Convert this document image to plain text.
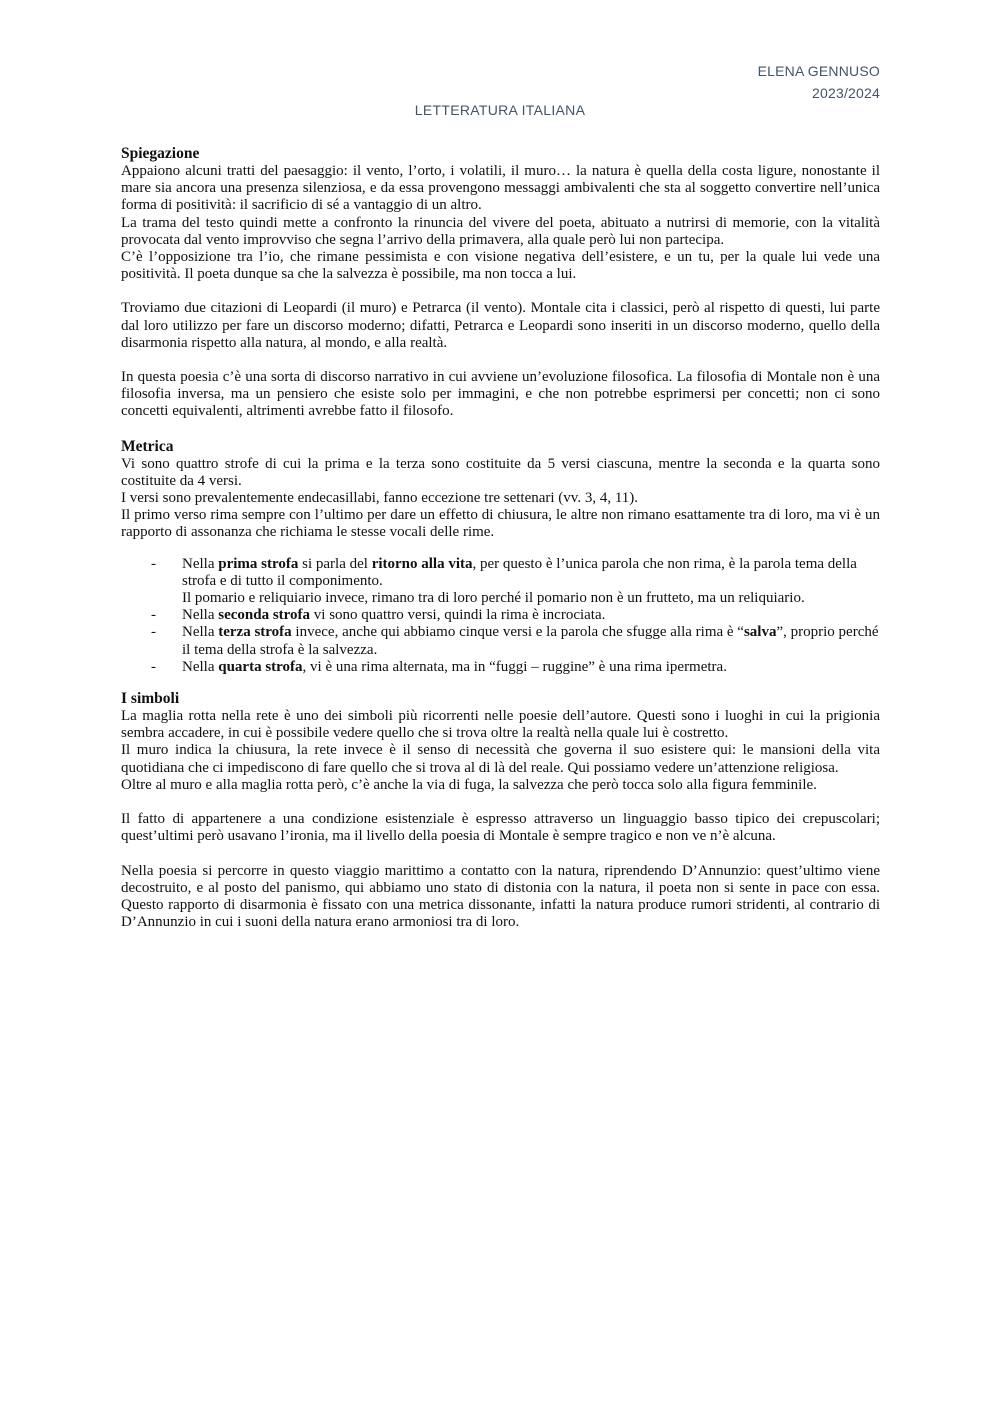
ELENA GENNUSO
2023/2024
LETTERATURA ITALIANA
Spiegazione

Appaiono alcuni tratti del paesaggio: il vento, l’orto, i volatili, il muro… la natura è quella della costa ligure, nonostante il mare sia ancora una presenza silenziosa, e da essa provengono messaggi ambivalenti che sta al soggetto convertire nell’unica forma di positività: il sacrificio di sé a vantaggio di un altro.

La trama del testo quindi mette a confronto la rinuncia del vivere del poeta, abituato a nutrirsi di memorie, con la vitalità provocata dal vento improvviso che segna l’arrivo della primavera, alla quale però lui non partecipa.

C’è l’opposizione tra l’io, che rimane pessimista e con visione negativa dell’esistere, e un tu, per la quale lui vede una positività. Il poeta dunque sa che la salvezza è possibile, ma non tocca a lui.

Troviamo due citazioni di Leopardi (il muro) e Petrarca (il vento). Montale cita i classici, però al rispetto di questi, lui parte dal loro utilizzo per fare un discorso moderno; difatti, Petrarca e Leopardi sono inseriti in un discorso moderno, quello della disarmonia rispetto alla natura, al mondo, e alla realtà.

In questa poesia c’è una sorta di discorso narrativo in cui avviene un’evoluzione filosofica. La filosofia di Montale non è una filosofia inversa, ma un pensiero che esiste solo per immagini, e che non potrebbe esprimersi per concetti; non ci sono concetti equivalenti, altrimenti avrebbe fatto il filosofo.

Metrica

Vi sono quattro strofe di cui la prima e la terza sono costituite da 5 versi ciascuna, mentre la seconda e la quarta sono costituite da 4 versi.

I versi sono prevalentemente endecasillabi, fanno eccezione tre settenari (vv. 3, 4, 11).

Il primo verso rima sempre con l’ultimo per dare un effetto di chiusura, le altre non rimano esattamente tra di loro, ma vi è un rapporto di assonanza che richiama le stesse vocali delle rime.

- Nella prima strofa si parla del ritorno alla vita, per questo è l’unica parola che non rima, è la parola tema della strofa e di tutto il componimento.

Il pomario e reliquiario invece, rimano tra di loro perché il pomario non è un frutteto, ma un reliquiario.

- Nella seconda strofa vi sono quattro versi, quindi la rima è incrociata.

- Nella terza strofa invece, anche qui abbiamo cinque versi e la parola che sfugge alla rima è “salva”, proprio perché il tema della strofa è la salvezza.

- Nella quarta strofa, vi è una rima alternata, ma in “fuggi – ruggine” è una rima ipermetra.

I simboli

La maglia rotta nella rete è uno dei simboli più ricorrenti nelle poesie dell’autore. Questi sono i luoghi in cui la prigionia sembra accadere, in cui è possibile vedere quello che si trova oltre la realtà nella quale lui è costretto.

Il muro indica la chiusura, la rete invece è il senso di necessità che governa il suo esistere qui: le mansioni della vita quotidiana che ci impediscono di fare quello che si trova al di là del reale. Qui possiamo vedere un’attenzione religiosa.

Oltre al muro e alla maglia rotta però, c’è anche la via di fuga, la salvezza che però tocca solo alla figura femminile.

Il fatto di appartenere a una condizione esistenziale è espresso attraverso un linguaggio basso tipico dei crepuscolari; quest’ultimi però usavano l’ironia, ma il livello della poesia di Montale è sempre tragico e non ve n’è alcuna.

Nella poesia si percorre in questo viaggio marittimo a contatto con la natura, riprendendo D’Annunzio: quest’ultimo viene decostruito, e al posto del panismo, qui abbiamo uno stato di distonia con la natura, il poeta non si sente in pace con essa. Questo rapporto di disarmonia è fissato con una metrica dissonante, infatti la natura produce rumori stridenti, al contrario di D’Annunzio in cui i suoni della natura erano armoniosi tra di loro.
